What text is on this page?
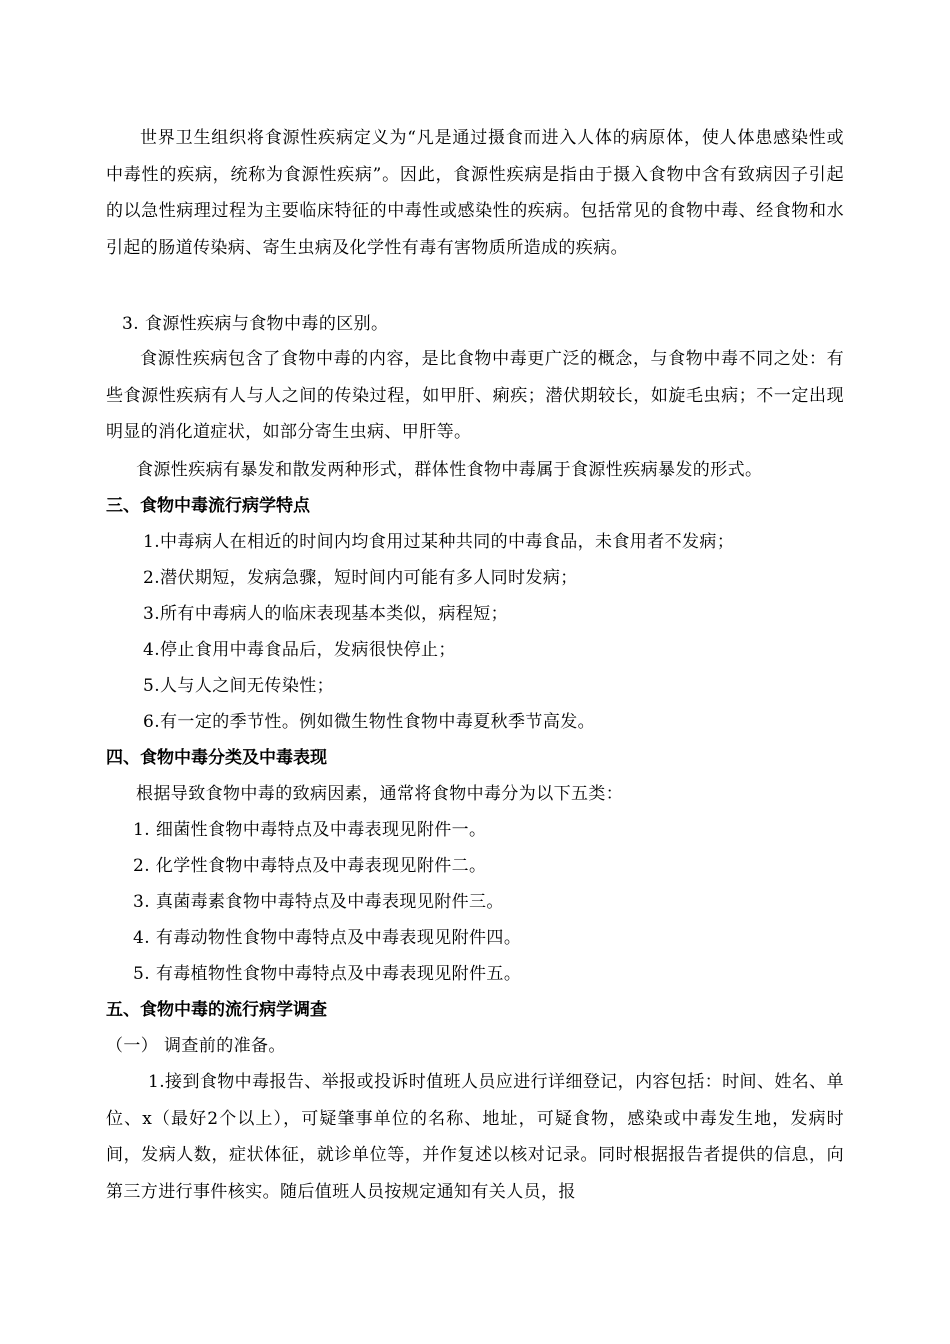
世界卫生组织将食源性疾病定义为“凡是通过摄食而进入人体的病原体，使人体患感染性或中毒性的疾病，统称为食源性疾病”。因此，食源性疾病是指由于摄入食物中含有致病因子引起的以急性病理过程为主要临床特征的中毒性或感染性的疾病。包括常见的食物中毒、经食物和水引起的肠道传染病、寄生虫病及化学性有毒有害物质所造成的疾病。

3. 食源性疾病与食物中毒的区别。

食源性疾病包含了食物中毒的内容，是比食物中毒更广泛的概念，与食物中毒不同之处：有些食源性疾病有人与人之间的传染过程，如甲肝、痢疾；潜伏期较长，如旋毛虫病；不一定出现明显的消化道症状，如部分寄生虫病、甲肝等。

食源性疾病有暴发和散发两种形式，群体性食物中毒属于食源性疾病暴发的形式。

三、食物中毒流行病学特点

1.中毒病人在相近的时间内均食用过某种共同的中毒食品，未食用者不发病；

2.潜伏期短，发病急骤，短时间内可能有多人同时发病；

3.所有中毒病人的临床表现基本类似，病程短；

4.停止食用中毒食品后，发病很快停止；

5.人与人之间无传染性；

6.有一定的季节性。例如微生物性食物中毒夏秋季节高发。

四、食物中毒分类及中毒表现

根据导致食物中毒的致病因素，通常将食物中毒分为以下五类：

1. 细菌性食物中毒特点及中毒表现见附件一。

2. 化学性食物中毒特点及中毒表现见附件二。

3. 真菌毒素食物中毒特点及中毒表现见附件三。

4. 有毒动物性食物中毒特点及中毒表现见附件四。

5. 有毒植物性食物中毒特点及中毒表现见附件五。

五、食物中毒的流行病学调查

（一） 调查前的准备。

1.接到食物中毒报告、举报或投诉时值班人员应进行详细登记，内容包括：时间、姓名、单位、x（最好2个以上），可疑肇事单位的名称、地址，可疑食物，感染或中毒发生地，发病时间，发病人数，症状体征，就诊单位等，并作复述以核对记录。同时根据报告者提供的信息，向第三方进行事件核实。随后值班人员按规定通知有关人员，报
